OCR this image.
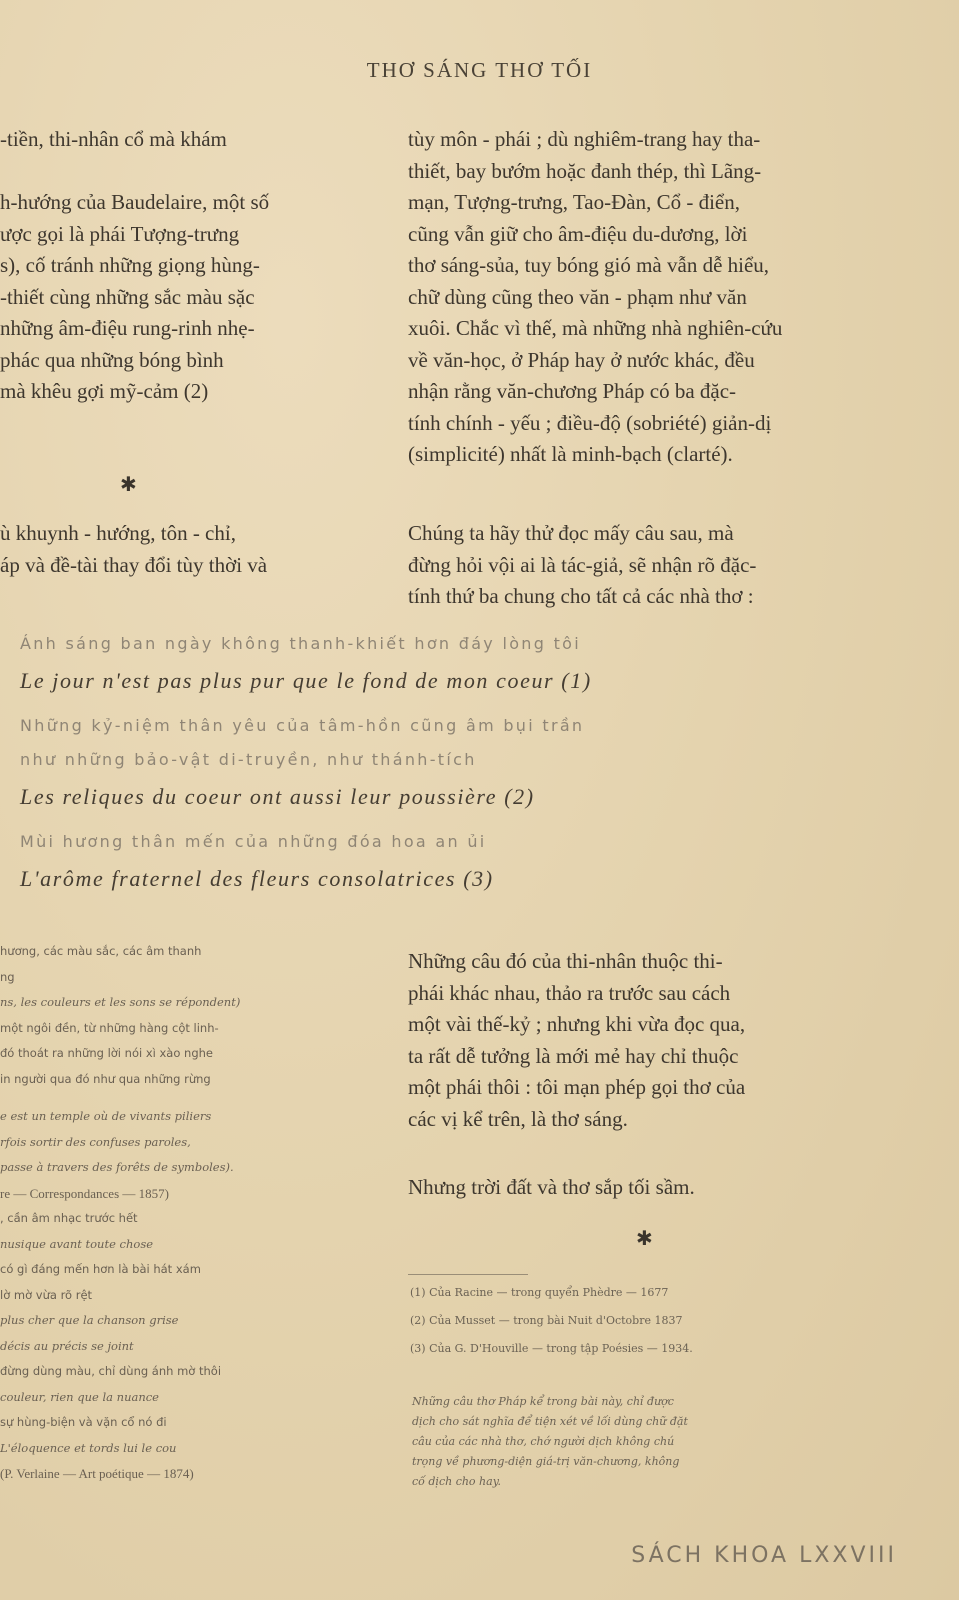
THƠ SÁNG THƠ TỐI
-tiền, thi-nhân cổ mà khám
h-hướng của Baudelaire, một số
ược gọi là phái Tượng-trưng
s), cố tránh những giọng hùng-
-thiết cùng những sắc màu sặc
những âm-điệu rung-rinh nhẹ-
phác qua những bóng bình
mà khêu gợi mỹ-cảm (2)
✱
ù khuynh - hướng, tôn - chỉ,
áp và đề-tài thay đổi tùy thời và
tùy môn - phái ; dù nghiêm-trang hay tha-
thiết, bay bướm hoặc đanh thép, thì Lãng-
mạn, Tượng-trưng, Tao-Đàn, Cổ - điển,
cũng vẫn giữ cho âm-điệu du-dương, lời
thơ sáng-sủa, tuy bóng gió mà vẫn dễ hiểu,
chữ dùng cũng theo văn - phạm như văn
xuôi. Chắc vì thế, mà những nhà nghiên-cứu
về văn-học, ở Pháp hay ở nước khác, đều
nhận rằng văn-chương Pháp có ba đặc-
tính chính - yếu ; điều-độ (sobriété) giản-dị
(simplicité) nhất là minh-bạch (clarté).
Chúng ta hãy thử đọc mấy câu sau, mà
đừng hỏi vội ai là tác-giả, sẽ nhận rõ đặc-
tính thứ ba chung cho tất cả các nhà thơ :
Ánh sáng ban ngày không thanh-khiết hơn đáy lòng tôi
Le jour n'est pas plus pur que le fond de mon coeur (1)
Những kỷ-niệm thân yêu của tâm-hồn cũng âm bụi trần
như những bảo-vật di-truyền, như thánh-tích
Les reliques du coeur ont aussi leur poussière (2)
Mùi hương thân mến của những đóa hoa an ủi
L'arôme fraternel des fleurs consolatrices (3)
hương, các màu sắc, các âm thanh
ng
ns, les couleurs et les sons se répondent)
một ngôi đền, từ những hàng cột linh-
đó thoát ra những lời nói xì xào nghe
in người qua đó như qua những rừng
e est un temple où de vivants piliers
rfois sortir des confuses paroles,
passe à travers des forêts de symboles).
re — Correspondances — 1857)
, cần âm nhạc trước hết
nusique avant toute chose
có gì đáng mến hơn là bài hát xám
lờ mờ vừa rõ rệt
plus cher que la chanson grise
décis au précis se joint
đừng dùng màu, chỉ dùng ánh mờ thôi
couleur, rien que la nuance
sự hùng-biện và vặn cổ nó đi
L'éloquence et tords lui le cou
(P. Verlaine — Art poétique — 1874)
Những câu đó của thi-nhân thuộc thi-
phái khác nhau, thảo ra trước sau cách
một vài thế-kỷ ; nhưng khi vừa đọc qua,
ta rất dễ tưởng là mới mẻ hay chỉ thuộc
một phái thôi : tôi mạn phép gọi thơ của
các vị kể trên, là thơ sáng.
Nhưng trời đất và thơ sắp tối sầm.
✱
(1) Của Racine — trong quyển Phèdre — 1677
(2) Của Musset — trong bài Nuit d'Octobre 1837
(3) Của G. D'Houville — trong tập Poésies — 1934.
Những câu thơ Pháp kể trong bài này, chỉ được
dịch cho sát nghĩa để tiện xét về lối dùng chữ đặt
câu của các nhà thơ, chớ người dịch không chú
trọng về phương-diện giá-trị văn-chương, không
cố dịch cho hay.
SÁCH KHOA LXXVIII
